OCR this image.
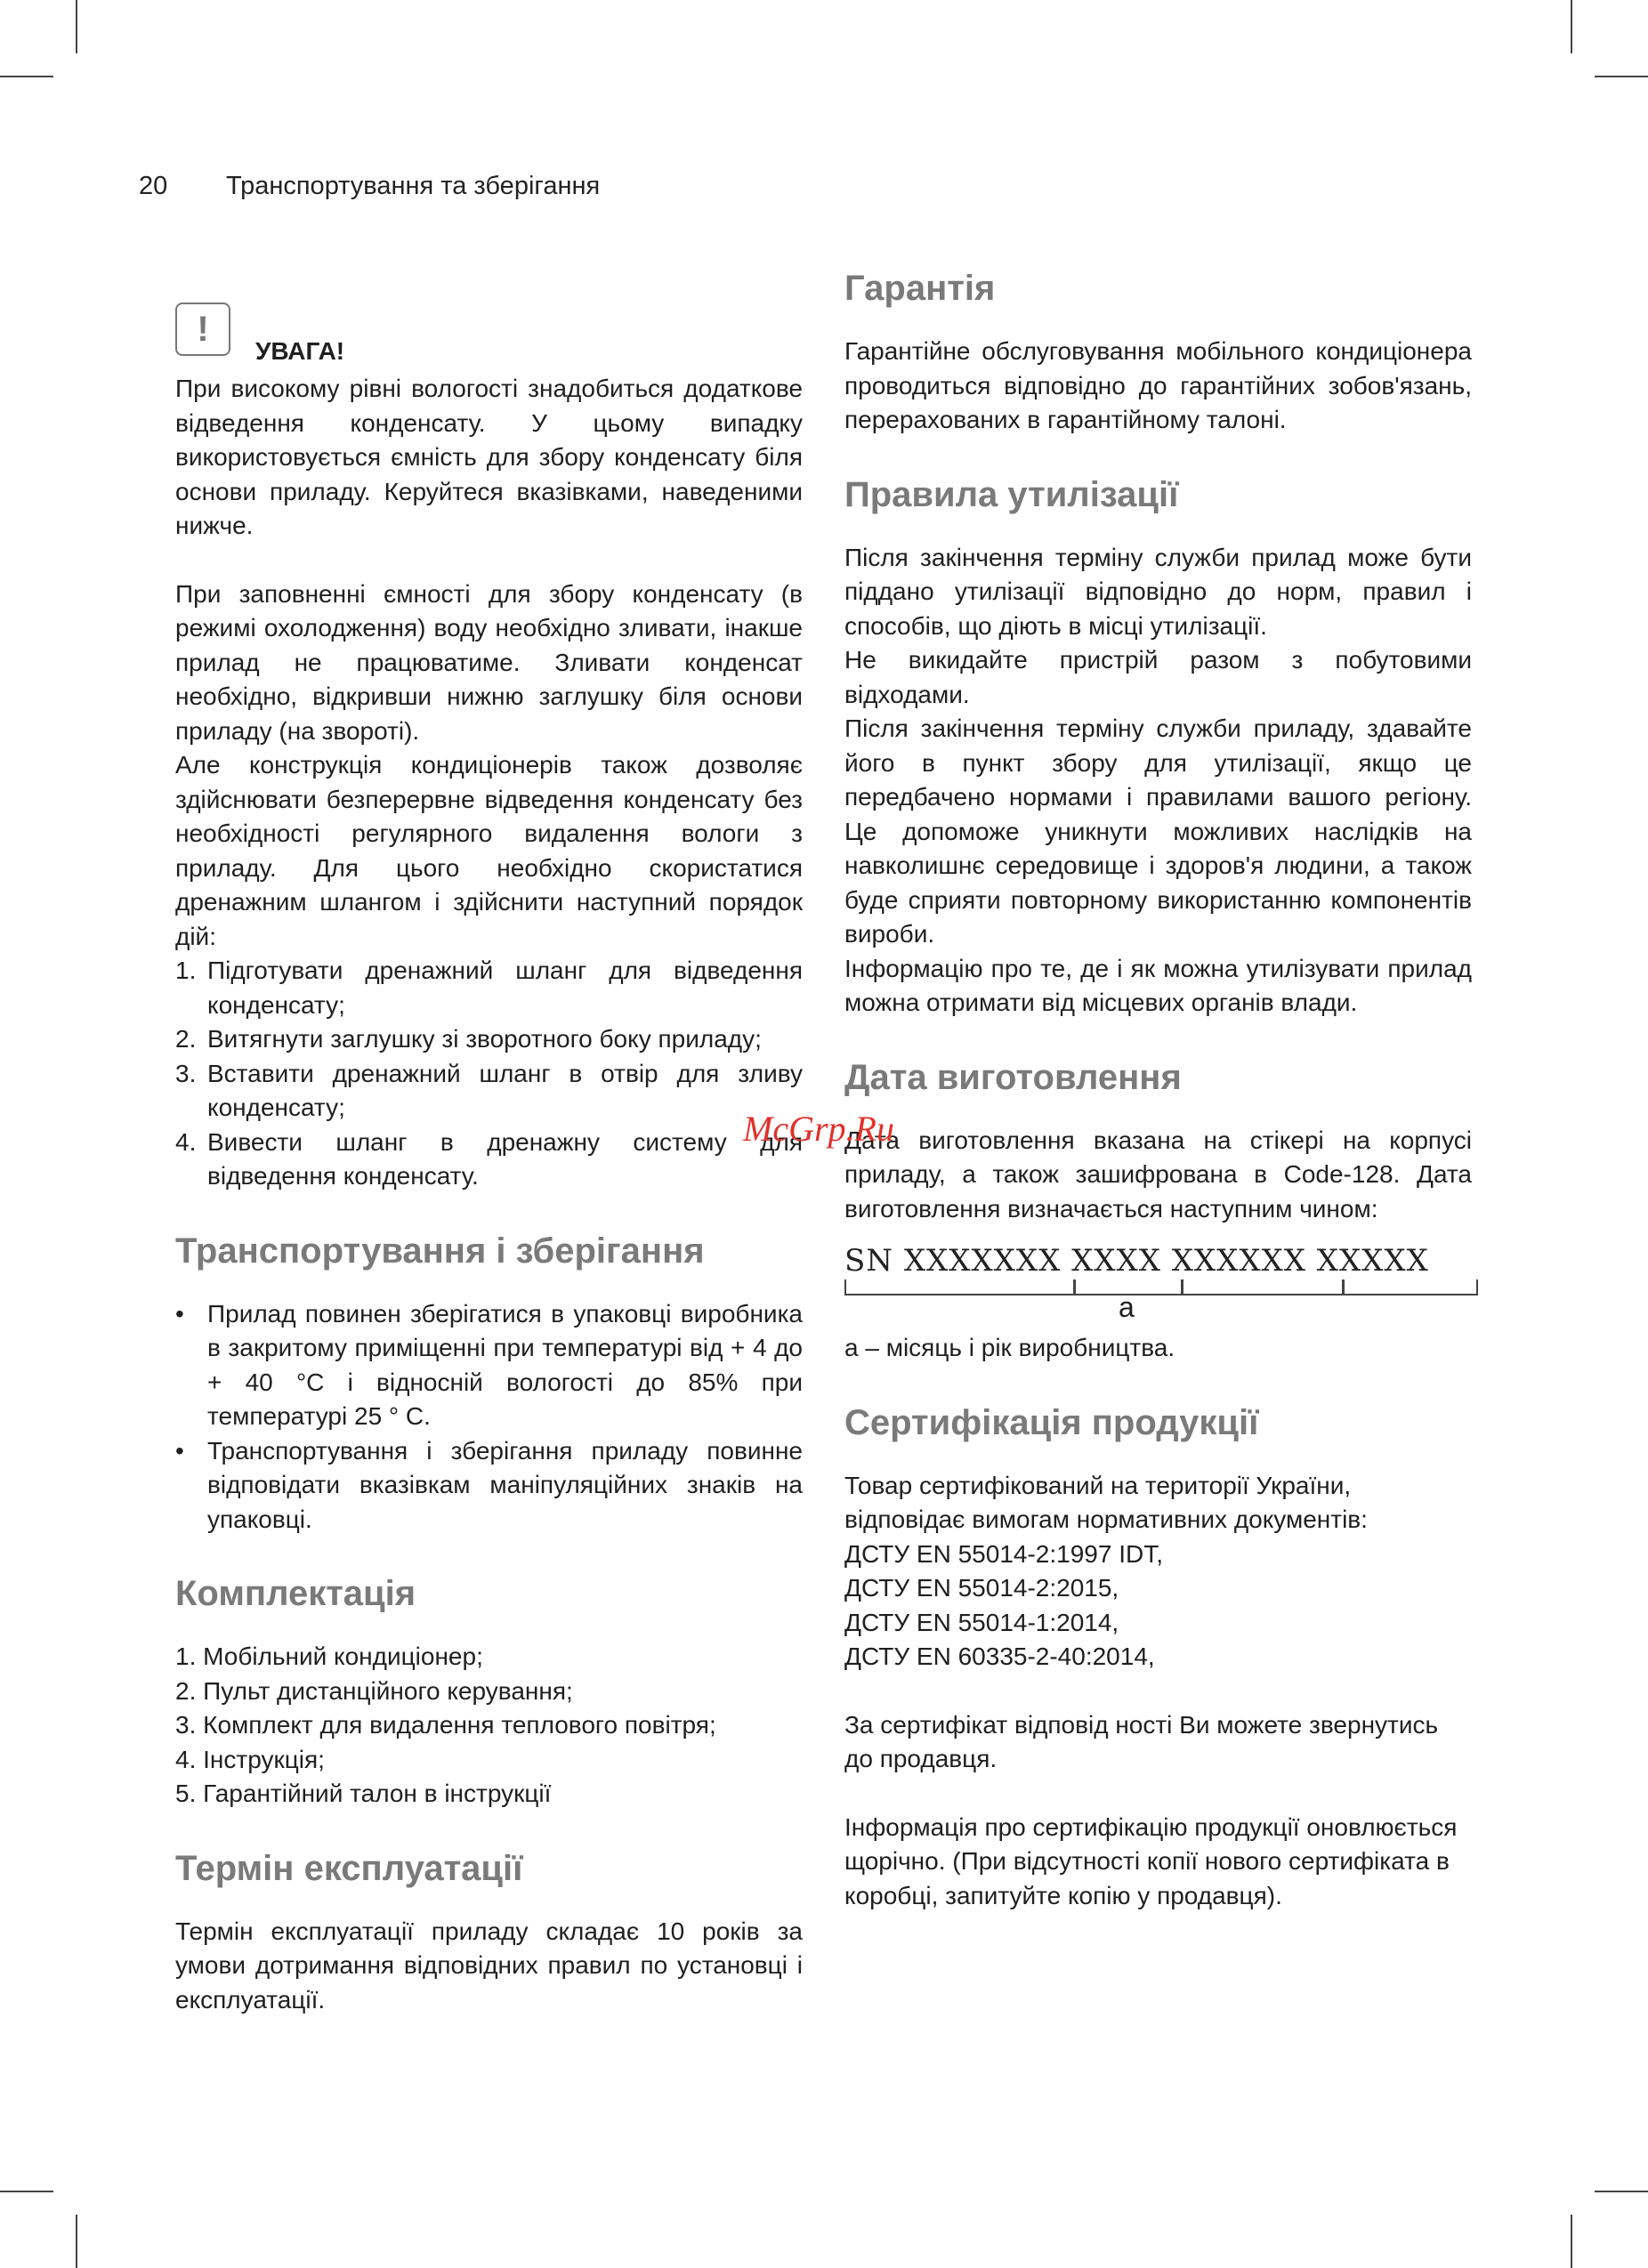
20 Транспортування та зберігання
!
УВАГА!

При високому рівні вологості знадобиться додаткове відведення конденсату. У цьому випадку використовується ємність для збору конденсату біля основи приладу. Керуйтеся вказівками, наведеними нижче.

При заповненні ємності для збору конденсату (в режимі охолодження) воду необхідно зливати, інакше прилад не працюватиме. Зливати конденсат необхідно, відкривши нижню заглушку біля основи приладу (на звороті).

Але конструкція кондиціонерів також дозволяє здійснювати безперервне відведення конденсату без необхідності регулярного видалення вологи з приладу. Для цього необхідно скористатися дренажним шлангом і здійснити наступний порядок дій:

1. Підготувати дренажний шланг для відведення конденсату;
2. Витягнути заглушку зі зворотного боку приладу;
3. Вставити дренажний шланг в отвір для зливу конденсату;
4. Вивести шланг в дренажну систему для відведення конденсату.
Транспортування і зберігання
• Прилад повинен зберігатися в упаковці виробника в закритому приміщенні при температурі від + 4 до + 40 °C і відносній вологості до 85% при температурі 25 ° C.
• Транспортування і зберігання приладу повинне відповідати вказівкам маніпуляційних знаків на упаковці.
Комплектація
1. Мобільний кондиціонер;
2. Пульт дистанційного керування;
3. Комплект для видалення теплового повітря;
4. Інструкція;
5. Гарантійний талон в інструкції
Термін експлуатації

Термін експлуатації приладу складає 10 років за умови дотримання відповідних правил по установці і експлуатації.

Гарантія

Гарантійне обслуговування мобільного кондиціонера проводиться відповідно до гарантійних зобов'язань, перерахованих в гарантійному талоні.

Правила утилізації

Після закінчення терміну служби прилад може бути піддано утилізації відповідно до норм, правил і способів, що діють в місці утилізації.

Не викидайте пристрій разом з побутовими відходами.

Після закінчення терміну служби приладу, здавайте його в пункт збору для утилізації, якщо це передбачено нормами і правилами вашого регіону. Це допоможе уникнути можливих наслідків на навколишнє середовище і здоров'я людини, а також буде сприяти повторному використанню компонентів вироби.

Інформацію про те, де і як можна утилізувати прилад можна отримати від місцевих органів влади.

Дата виготовлення

Дата виготовлення вказана на стікері на корпусі приладу, а також зашифрована в Code-128. Дата виготовлення визначається наступним чином:

SN XXXXXXX XXXX XXXXXX XXXXX
a

a – місяць і рік виробництва.

Сертифікація продукції
Товар сертифікований на території України,
відповідає вимогам нормативних документів:
ДСТУ EN 55014-2:1997 IDT,
ДСТУ EN 55014-2:2015,
ДСТУ EN 55014-1:2014,
ДСТУ EN 60335-2-40:2014,

За сертифікат відповід ності Ви можете звернутись до продавця.

Інформація про сертифікацію продукції оновлюється щорічно. (При відсутності копії нового сертифіката в коробці, запитуйте копію у продавця).

McGrp.Ru
